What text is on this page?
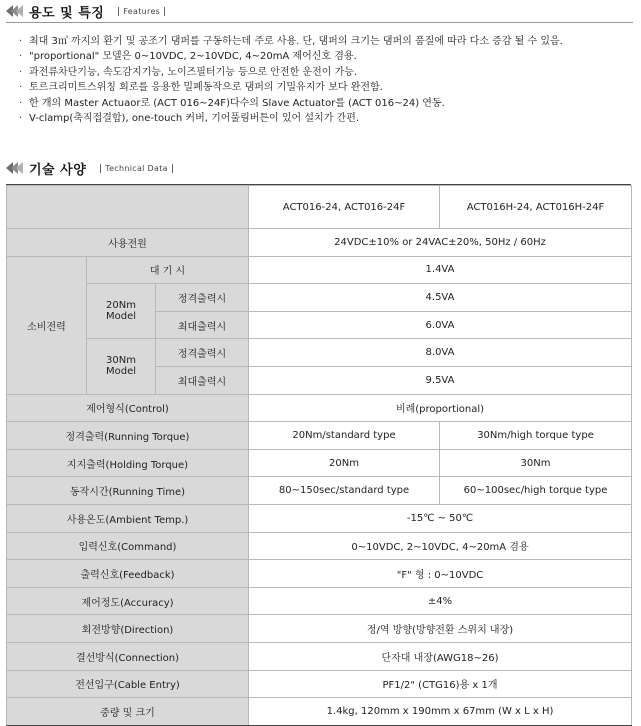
용도 및 특징	Features
· 최대 3㎥ 까지의 환기 및 공조기 댐퍼를 구동하는데 주로 사용. 단, 댐퍼의 크기는 댐퍼의 품질에 따라 다소 증감 될 수 있음.
· "proportional" 모델은 0~10VDC, 2~10VDC, 4~20mA 제어신호 겸용.
· 과전류차단기능, 속도감지기능, 노이즈필터기능 등으로 안전한 운전이 가능.
· 토르크리미트스위칭 회로를 응용한 밀폐동작으로 댐퍼의 기밀유지가 보다 완전함.
· 한 개의 Master Actuaor로 (ACT 016~24F)다수의 Slave Actuator를 (ACT 016~24) 연동.
· V-clamp(축직접결합), one-touch 커버, 기어풀림버튼이 있어 설치가 간편.
기술 사양	Technical Data
			ACT016-24, ACT016-24F	ACT016H-24, ACT016H-24F
사용전원			24VDC±10% or 24VAC±20%, 50Hz / 60Hz	
소비전력	대 기 시		1.4VA	
	20Nm
Model	정격출력시	4.5VA	
		최대출력시	6.0VA	
	30Nm
Model	정격출력시	8.0VA	
		최대출력시	9.5VA	
제어형식(Control)			비례(proportional)	
정격출력(Running Torque)			20Nm/standard type	30Nm/high torque type
지지출력(Holding Torque)			20Nm	30Nm
동작시간(Running Time)			80~150sec/standard type	60~100sec/high torque type
사용온도(Ambient Temp.)			-15℃ ~ 50℃	
입력신호(Command)			0~10VDC, 2~10VDC, 4~20mA 겸용	
출력신호(Feedback)			"F" 형 : 0~10VDC	
제어정도(Accuracy)			±4%	
회전방향(Direction)			정/역 방향(방향전환 스위치 내장)	
결선방식(Connection)			단자대 내장(AWG18~26)	
전선입구(Cable Entry)			PF1/2" (CTG16)용 x 1개	
중량 및 크기			1.4kg, 120mm x 190mm x 67mm (W x L x H)	
